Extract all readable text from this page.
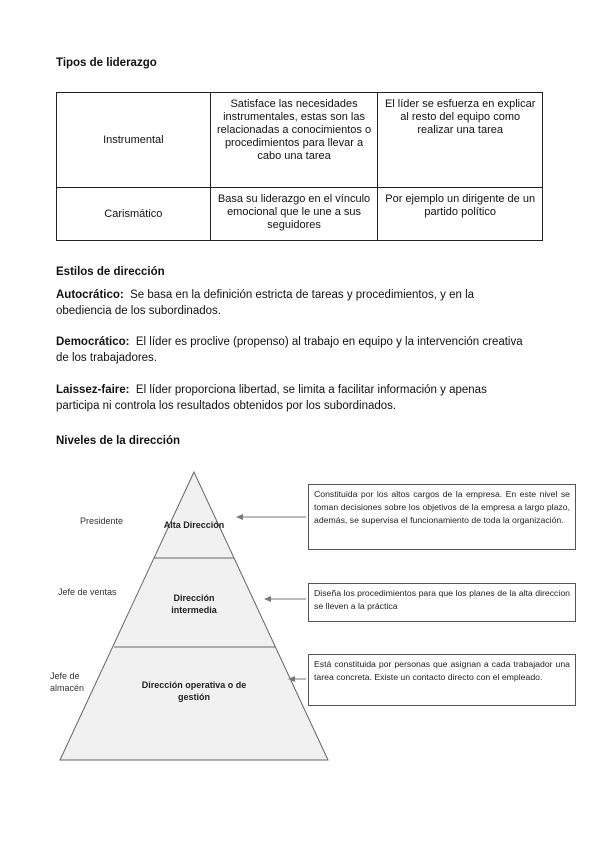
Tipos de liderazgo
Instrumental	Satisface las necesidades instrumentales, estas son las relacionadas a conocimientos o procedimientos para llevar a cabo una tarea	El líder se esfuerza en explicar al resto del equipo como realizar una tarea
Carismático	Basa su liderazgo en el vínculo emocional que le une a sus seguidores	Por ejemplo un dirigente de un partido político
Estilos de dirección
Autocrático: Se basa en la definición estricta de tareas y procedimientos, y en la obediencia de los subordinados.
Democrático: El líder es proclive (propenso) al trabajo en equipo y la intervención creativa de los trabajadores.
Laissez-faire: El líder proporciona libertad, se limita a facilitar información y apenas participa ni controla los resultados obtenidos por los subordinados.
Niveles de la dirección
Alta Dirección
Dirección intermedia
Dirección operativa o de gestión
Presidente
Jefe de ventas
Jefe de almacén
Constituida por los altos cargos de la empresa. En este nivel se toman decisiones sobre los objetivos de la empresa a largo plazo, además, se supervisa el funcionamiento de toda la organización.
Diseña los procedimientos para que los planes de la alta direccion se lleven a la práctica
Está constituida por personas que asignan a cada trabajador una tarea concreta. Existe un contacto directo con el empleado.
